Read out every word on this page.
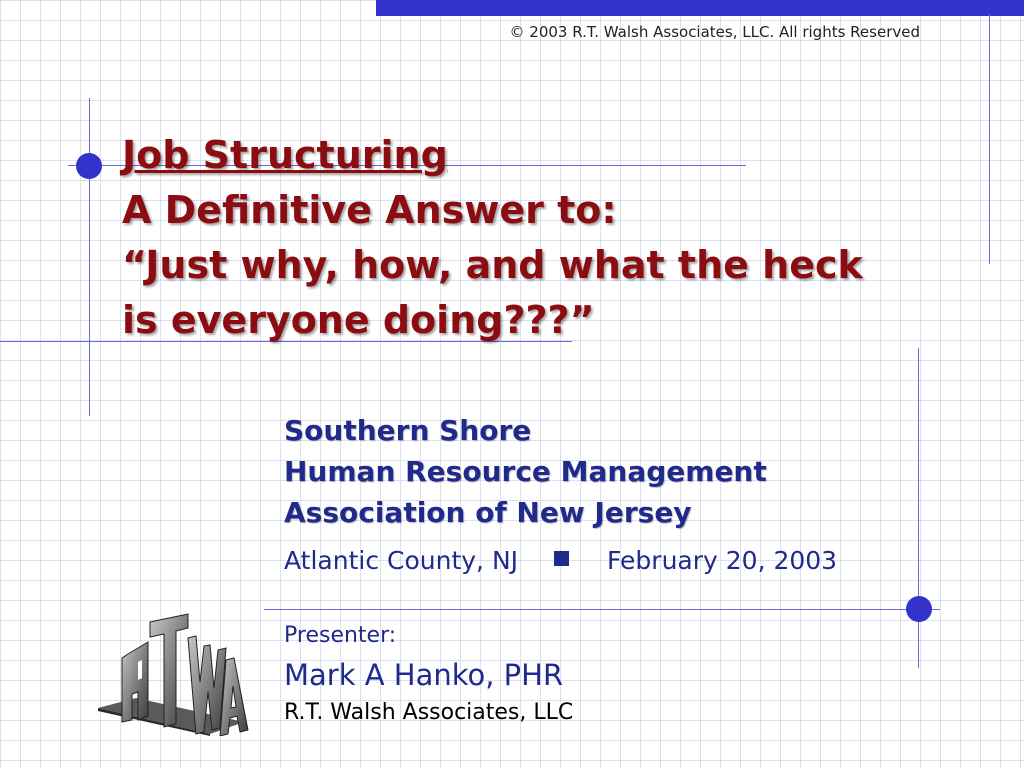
© 2003 R.T. Walsh Associates, LLC. All rights Reserved
Job Structuring
A Definitive Answer to:
“Just why, how, and what the heck
is everyone doing???”
Southern Shore
Human Resource Management
Association of New Jersey
Atlantic County, NJ	February 20, 2003
Presenter:
Mark A Hanko, PHR
R.T. Walsh Associates, LLC
